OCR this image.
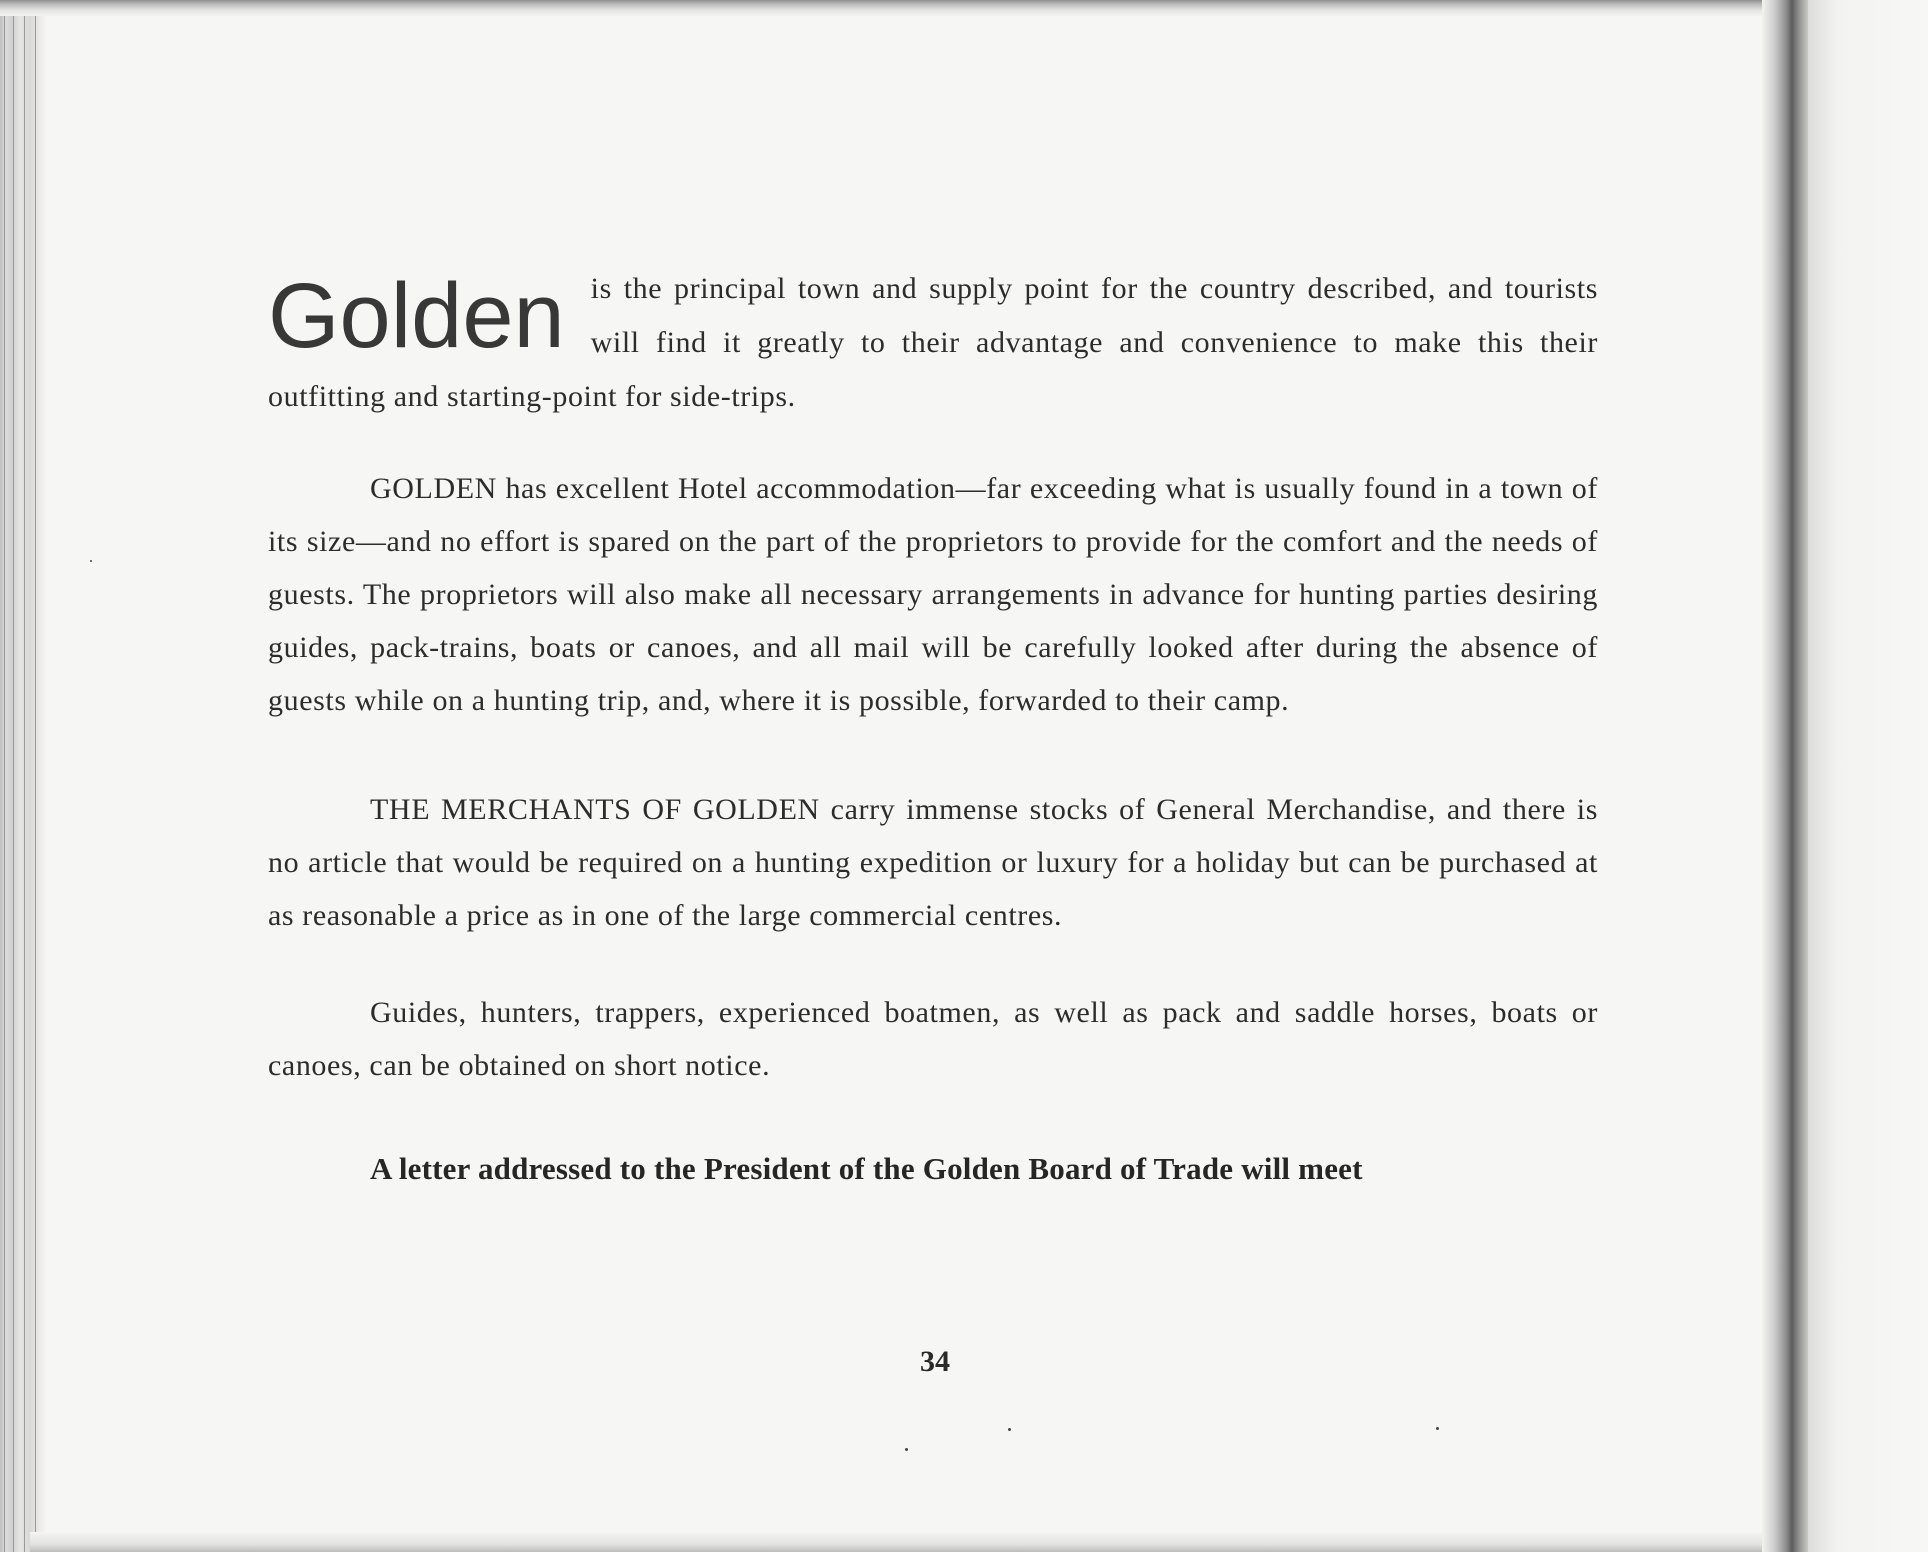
Golden is the principal town and supply point for the country described, and tourists will find it greatly to their advantage and convenience to make this their outfitting and starting-point for side-trips.

GOLDEN has excellent Hotel accommodation—far exceeding what is usually found in a town of its size—and no effort is spared on the part of the proprietors to provide for the comfort and the needs of guests. The proprietors will also make all necessary arrangements in advance for hunting parties desiring guides, pack-trains, boats or canoes, and all mail will be carefully looked after during the absence of guests while on a hunting trip, and, where it is possible, forwarded to their camp.

THE MERCHANTS OF GOLDEN carry immense stocks of General Merchandise, and there is no article that would be required on a hunting expedition or luxury for a holiday but can be purchased at as reasonable a price as in one of the large commercial centres.

Guides, hunters, trappers, experienced boatmen, as well as pack and saddle horses, boats or canoes, can be obtained on short notice.

A letter addressed to the President of the Golden Board of Trade will meet

34
